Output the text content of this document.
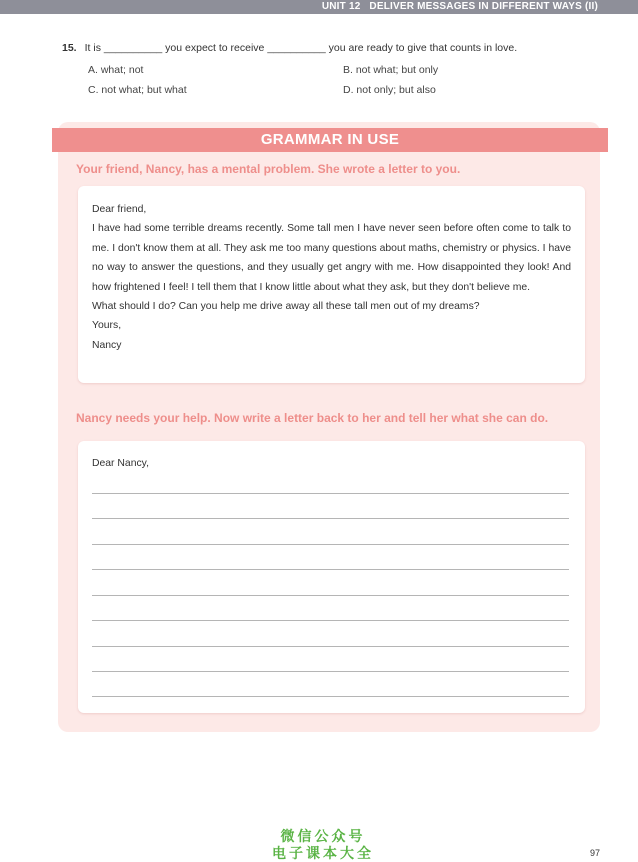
UNIT 12 DELIVER MESSAGES IN DIFFERENT WAYS (II)
15. It is __________ you expect to receive __________ you are ready to give that counts in love.
A. what; not	B. not what; but only
C. not what; but what	D. not only; but also
GRAMMAR IN USE
Your friend, Nancy, has a mental problem. She wrote a letter to you.

Dear friend,

I have had some terrible dreams recently. Some tall men I have never seen before often come to talk to me. I don't know them at all. They ask me too many questions about maths, chemistry or physics. I have no way to answer the questions, and they usually get angry with me. How disappointed they look! And how frightened I feel! I tell them that I know little about what they ask, but they don't believe me.

What should I do? Can you help me drive away all these tall men out of my dreams?

Yours,

Nancy

Nancy needs your help. Now write a letter back to her and tell her what she can do.
Dear Nancy,
微信公众号
电子课本大全	97
